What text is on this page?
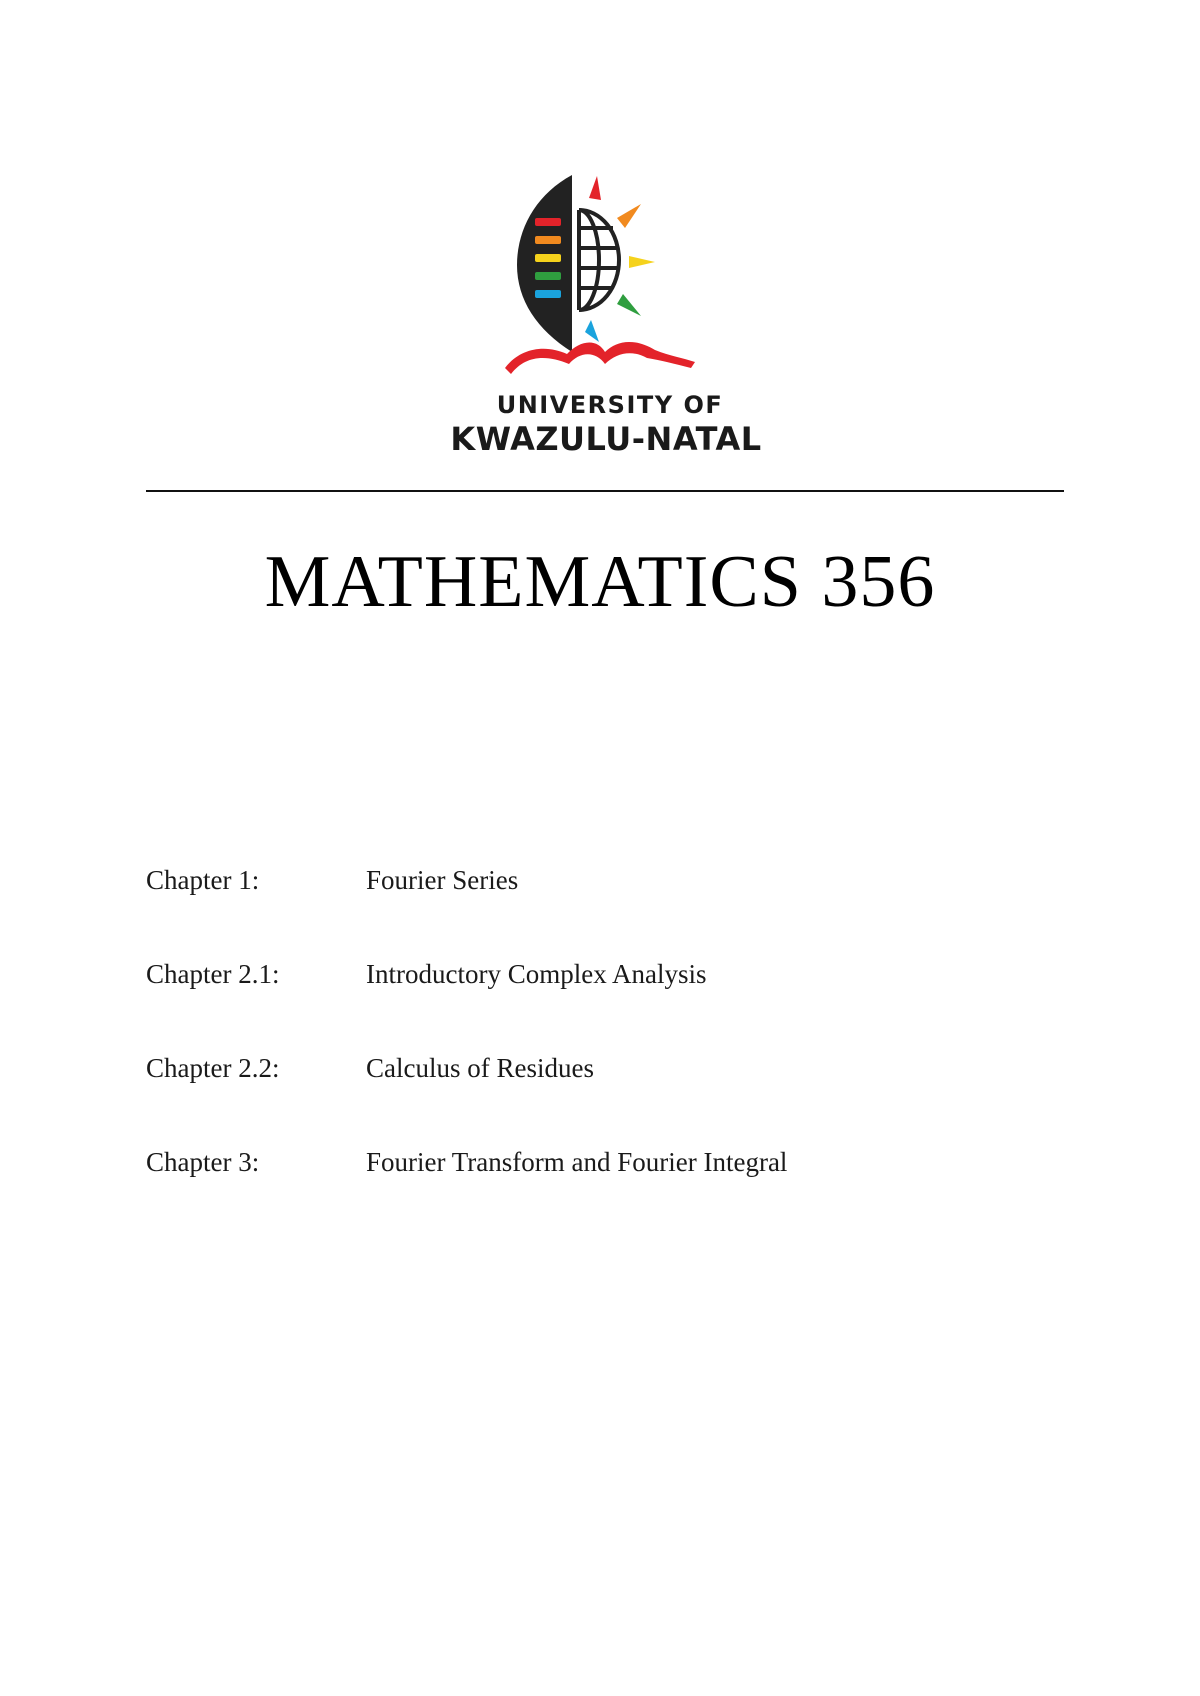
UNIVERSITY OF
KWAZULU-NATAL
MATHEMATICS 356
Chapter 1:	Fourier Series
Chapter 2.1:	Introductory Complex Analysis
Chapter 2.2:	Calculus of Residues
Chapter 3:	Fourier Transform and Fourier Integral
